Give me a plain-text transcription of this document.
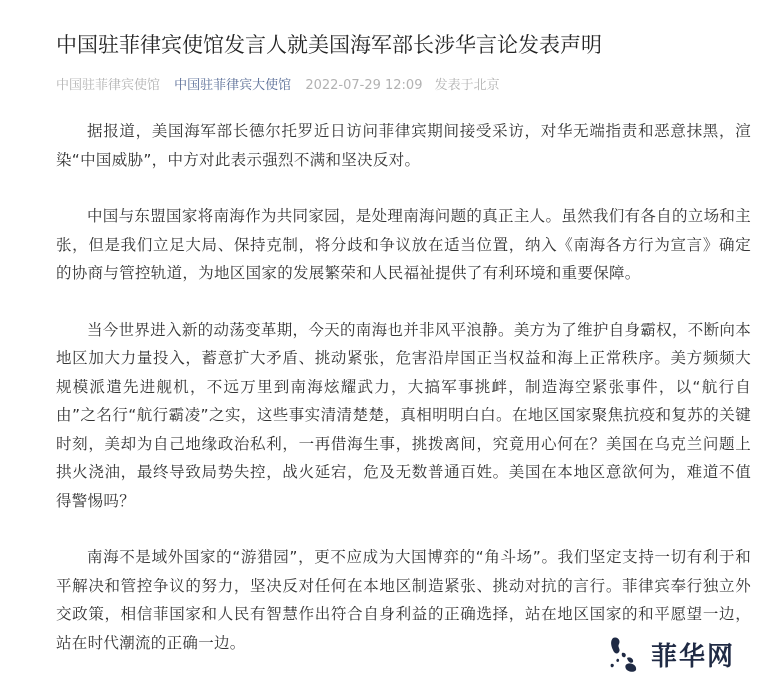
中国驻菲律宾使馆发言人就美国海军部长涉华言论发表声明
中国驻菲律宾使馆 中国驻菲律宾大使馆 2022-07-29 12:09 发表于北京

据报道，美国海军部长德尔托罗近日访问菲律宾期间接受采访，对华无端指责和恶意抹黑，渲染“中国威胁”，中方对此表示强烈不满和坚决反对。

中国与东盟国家将南海作为共同家园，是处理南海问题的真正主人。虽然我们有各自的立场和主张，但是我们立足大局、保持克制，将分歧和争议放在适当位置，纳入《南海各方行为宣言》确定的协商与管控轨道，为地区国家的发展繁荣和人民福祉提供了有利环境和重要保障。

当今世界进入新的动荡变革期，今天的南海也并非风平浪静。美方为了维护自身霸权，不断向本地区加大力量投入，蓄意扩大矛盾、挑动紧张，危害沿岸国正当权益和海上正常秩序。美方频频大规模派遣先进舰机，不远万里到南海炫耀武力，大搞军事挑衅，制造海空紧张事件，以“航行自由”之名行“航行霸凌”之实，这些事实清清楚楚，真相明明白白。在地区国家聚焦抗疫和复苏的关键时刻，美却为自己地缘政治私利，一再借海生事，挑拨离间，究竟用心何在？美国在乌克兰问题上拱火浇油，最终导致局势失控，战火延宕，危及无数普通百姓。美国在本地区意欲何为，难道不值得警惕吗？

南海不是域外国家的“游猎园”，更不应成为大国博弈的“角斗场”。我们坚定支持一切有利于和平解决和管控争议的努力，坚决反对任何在本地区制造紧张、挑动对抗的言行。菲律宾奉行独立外交政策，相信菲国家和人民有智慧作出符合自身利益的正确选择，站在地区国家的和平愿望一边，站在时代潮流的正确一边。	菲华网
